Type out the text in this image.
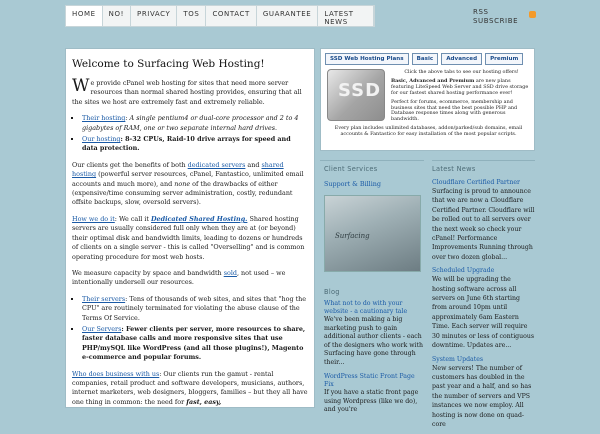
HOME	NO!	PRIVACY	TOS	CONTACT	GUARANTEE	LATEST NEWS
RSS SUBSCRIBE
Welcome to Surfacing Web Hosting!

We provide cPanel web hosting for sites that need more server resources than normal shared hosting provides, ensuring that all the sites we host are extremely fast and extremely reliable.

▪ Their hosting: A single pentium4 or dual-core processor and 2 to 4 gigabytes of RAM, one or two separate internal hard drives.
▪ Our hosting: 8-32 CPUs, Raid-10 drive arrays for speed and data protection.

Our clients get the benefits of both dedicated servers and shared hosting (powerful server resources, cPanel, Fantastico, unlimited email accounts and much more), and none of the drawbacks of either (expensive/time consuming server administration, costly, redundant offsite backups, slow, oversold servers).

How we do it: We call it Dedicated Shared Hosting. Shared hosting servers are usually considered full only when they are at (or beyond) their optimal disk and bandwidth limits, leading to dozens or hundreds of clients on a single server - this is called "Overselling" and is common operating procedure for most web hosts.

We measure capacity by space and bandwidth sold, not used – we intentionally undersell our resources.

▪ Their servers: Tens of thousands of web sites, and sites that "hog the CPU" are routinely terminated for violating the abuse clause of the Terms Of Service.
▪ Our Servers: Fewer clients per server, more resources to share, faster database calls and more responsive sites that use PHP/mySQL like WordPress (and all those plugins!), Magento e-commerce and popular forums.

Who does business with us: Our clients run the gamut - rental companies, retail product and software developers, musicians, authors, internet marketers, web designers, bloggers, families – but they all have one thing in common: the need for fast, easy,

SSD Web Hosting Plans	Basic	Advanced	Premium
SSD

Click the above tabs to see our hosting offers!

Basic, Advanced and Premium are new plans featuring LiteSpeed Web Server and SSD drive storage for our fastest shared hosting performance ever!

Perfect for forums, ecommerce, membership and business sites that need the best possible PHP and Database response times along with generous bandwidth.

Every plan includes unlimited databases, addon/parked/sub domains, email accounts & Fantastico for easy installation of the most popular scripts.
Client Services
Support & Billing
Surfacing
Blog
What not to do with your website - a cautionary tale
We've been making a big marketing push to gain additional author clients - each of the designers who work with Surfacing have gone through their...
WordPress Static Front Page Fix
If you have a static front page using Wordpress (like we do), and you're
Latest News
Cloudflare Certified Partner
Surfacing is proud to announce that we are now a Cloudflare Certified Partner. Cloudflare will be rolled out to all servers over the next week so check your cPanel! Performance Improvements Running through over two dozen global...
Scheduled Upgrade
We will be upgrading the hosting software across all servers on June 6th starting from around 10pm until approximately 6am Eastern Time. Each server will require 30 minutes or less of contiguous downtime. Updates are...
System Updates
New servers! The number of customers has doubled in the past year and a half, and so has the number of servers and VPS instances we now employ. All hosting is now done on quad-core
